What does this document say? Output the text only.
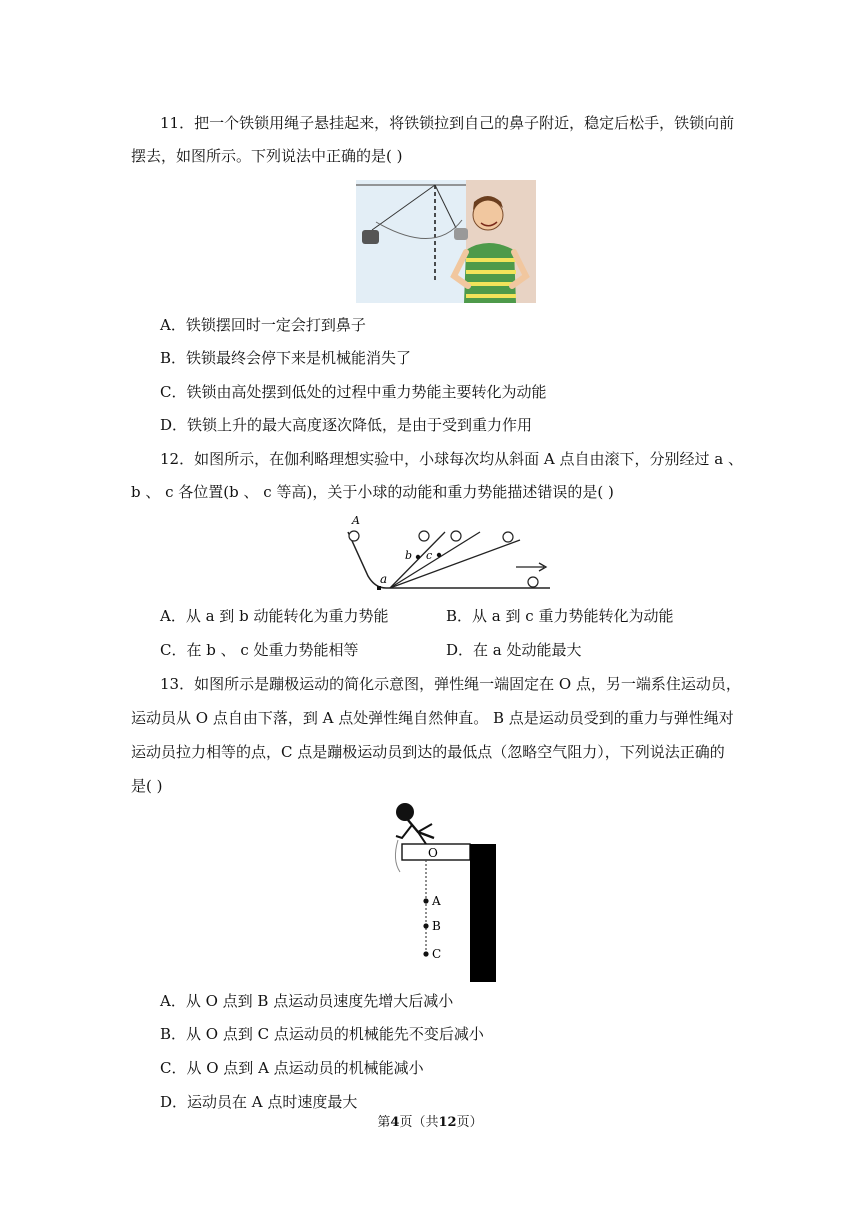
11．把一个铁锁用绳子悬挂起来，将铁锁拉到自己的鼻子附近，稳定后松手，铁锁向前
摆去，如图所示。下列说法中正确的是( )
A．铁锁摆回时一定会打到鼻子
B．铁锁最终会停下来是机械能消失了
C．铁锁由高处摆到低处的过程中重力势能主要转化为动能
D．铁锁上升的最大高度逐次降低，是由于受到重力作用
12．如图所示，在伽利略理想实验中，小球每次均从斜面 A 点自由滚下，分别经过 a 、
b 、 c 各位置(b 、 c 等高)，关于小球的动能和重力势能描述错误的是( )
A
b c
a
A．从 a 到 b 动能转化为重力势能	B．从 a 到 c 重力势能转化为动能
C．在 b 、 c 处重力势能相等	D．在 a 处动能最大
13．如图所示是蹦极运动的简化示意图，弹性绳一端固定在 O 点，另一端系住运动员，
运动员从 O 点自由下落，到 A 点处弹性绳自然伸直。 B 点是运动员受到的重力与弹性绳对
运动员拉力相等的点，C 点是蹦极运动员到达的最低点（忽略空气阻力），下列说法正确的
是( )
O
A
B
C
A．从 O 点到 B 点运动员速度先增大后减小
B．从 O 点到 C 点运动员的机械能先不变后减小
C．从 O 点到 A 点运动员的机械能减小
D．运动员在 A 点时速度最大
第4页（共12页）
